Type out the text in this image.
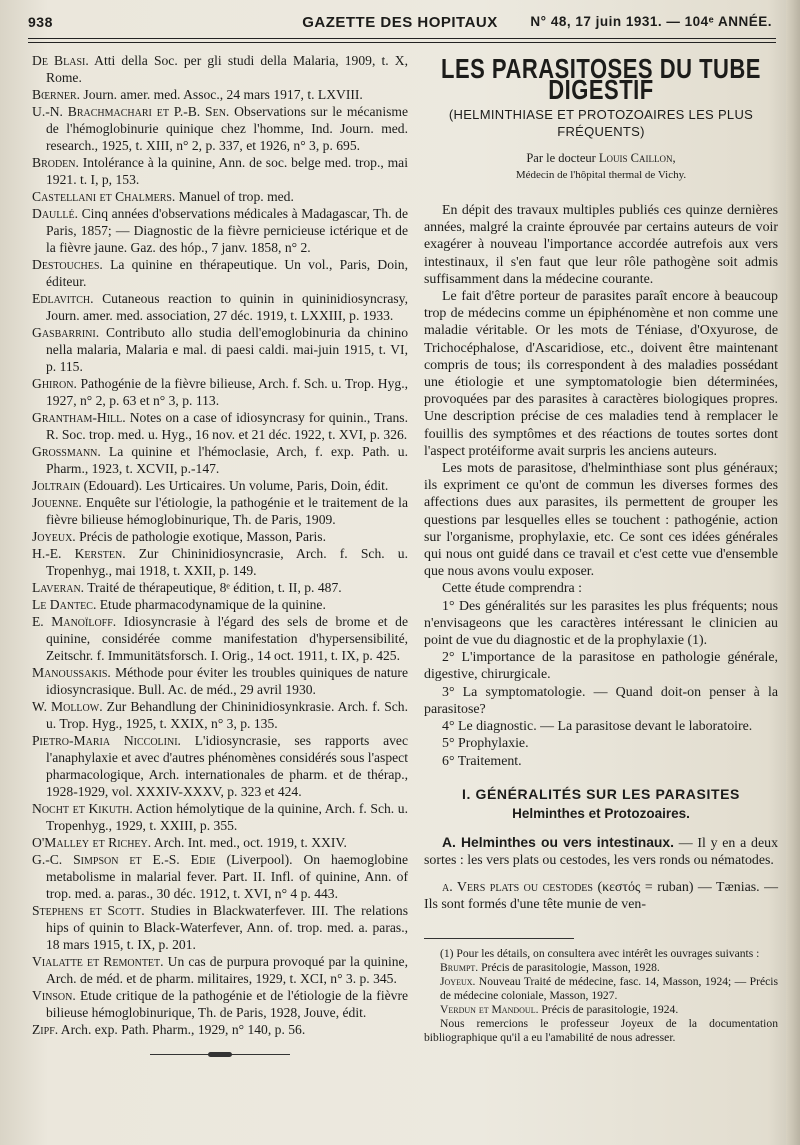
938	GAZETTE DES HOPITAUX	N° 48, 17 juin 1931. — 104ᵉ ANNÉE.

De Blasi. Atti della Soc. per gli studi della Malaria, 1909, t. X, Rome.

Bœrner. Journ. amer. med. Assoc., 24 mars 1917, t. LXVIII.

U.-N. Brachmachari et P.-B. Sen. Observations sur le mécanisme de l'hémoglobinurie quinique chez l'homme, Ind. Journ. med. research., 1925, t. XIII, n° 2, p. 337, et 1926, n° 3, p. 695.

Broden. Intolérance à la quinine, Ann. de soc. belge med. trop., mai 1921. t. I, p, 153.

Castellani et Chalmers. Manuel of trop. med.

Daullé. Cinq années d'observations médicales à Madagascar, Th. de Paris, 1857; — Diagnostic de la fièvre pernicieuse ictérique et de la fièvre jaune. Gaz. des hóp., 7 janv. 1858, n° 2.

Destouches. La quinine en thérapeutique. Un vol., Paris, Doin, éditeur.

Edlavitch. Cutaneous reaction to quinin in quininidiosyncrasy, Journ. amer. med. association, 27 déc. 1919, t. LXXIII, p. 1933.

Gasbarrini. Contributo allo studia dell'emoglobinuria da chinino nella malaria, Malaria e mal. di paesi caldi. mai-juin 1915, t. VI, p. 115.

Ghiron. Pathogénie de la fièvre bilieuse, Arch. f. Sch. u. Trop. Hyg., 1927, n° 2, p. 63 et n° 3, p. 113.

Grantham-Hill. Notes on a case of idiosyncrasy for quinin., Trans. R. Soc. trop. med. u. Hyg., 16 nov. et 21 déc. 1922, t. XVI, p. 326.

Grossmann. La quinine et l'hémoclasie, Arch, f. exp. Path. u. Pharm., 1923, t. XCVII, p.-147.

Joltrain (Edouard). Les Urticaires. Un volume, Paris, Doin, édit.

Jouenne. Enquête sur l'étiologie, la pathogénie et le traitement de la fièvre bilieuse hémoglobinurique, Th. de Paris, 1909.

Joyeux. Précis de pathologie exotique, Masson, Paris.

H.-E. Kersten. Zur Chininidiosyncrasie, Arch. f. Sch. u. Tropenhyg., mai 1918, t. XXII, p. 149.

Laveran. Traité de thérapeutique, 8ᵉ édition, t. II, p. 487.

Le Dantec. Etude pharmacodynamique de la quinine.

E. Manoïloff. Idiosyncrasie à l'égard des sels de brome et de quinine, considérée comme manifestation d'hypersensibilité, Zeitschr. f. Immunitätsforsch. I. Orig., 14 oct. 1911, t. IX, p. 425.

Manoussakis. Méthode pour éviter les troubles quiniques de nature idiosyncrasique. Bull. Ac. de méd., 29 avril 1930.

W. Mollow. Zur Behandlung der Chininidiosynkrasie. Arch. f. Sch. u. Trop. Hyg., 1925, t. XXIX, n° 3, p. 135.

Pietro-Maria Niccolini. L'idiosyncrasie, ses rapports avec l'anaphylaxie et avec d'autres phénomènes considérés sous l'aspect pharmacologique, Arch. internationales de pharm. et de thérap., 1928-1929, vol. XXXIV-XXXV, p. 323 et 424.

Nocht et Kikuth. Action hémolytique de la quinine, Arch. f. Sch. u. Tropenhyg., 1929, t. XXIII, p. 355.

O'Malley et Richey. Arch. Int. med., oct. 1919, t. XXIV.

G.-C. Simpson et E.-S. Edie (Liverpool). On haemoglobine metabolisme in malarial fever. Part. II. Infl. of quinine, Ann. of trop. med. a. paras., 30 déc. 1912, t. XVI, n° 4 p. 443.

Stephens et Scott. Studies in Blackwaterfever. III. The relations hips of quinin to Black-Waterfever, Ann. of. trop. med. a. paras., 18 mars 1915, t. IX, p. 201.

Vialatte et Remontet. Un cas de purpura provoqué par la quinine, Arch. de méd. et de pharm. militaires, 1929, t. XCI, n° 3. p. 345.

Vinson. Etude critique de la pathogénie et de l'étiologie de la fièvre bilieuse hémoglobinurique, Th. de Paris, 1928, Jouve, édit.

Zipf. Arch. exp. Path. Pharm., 1929, n° 140, p. 56.

LES PARASITOSES DU TUBE DIGESTIF
(HELMINTHIASE ET PROTOZOAIRES LES PLUS FRÉQUENTS)

Par le docteur Louis Caillon,

Médecin de l'hôpital thermal de Vichy.

En dépit des travaux multiples publiés ces quinze dernières années, malgré la crainte éprouvée par certains auteurs de voir exagérer à nouveau l'importance accordée autrefois aux vers intestinaux, il s'en faut que leur rôle pathogène soit admis suffisamment dans la médecine courante.

Le fait d'être porteur de parasites paraît encore à beaucoup trop de médecins comme un épiphénomène et non comme une maladie véritable. Or les mots de Téniase, d'Oxyurose, de Trichocéphalose, d'Ascaridiose, etc., doivent être maintenant compris de tous; ils correspondent à des maladies possédant une étiologie et une symptomatologie bien déterminées, provoquées par des parasites à caractères biologiques propres. Une description précise de ces maladies tend à remplacer le fouillis des symptômes et des réactions de toutes sortes dont l'aspect protéiforme avait surpris les anciens auteurs.

Les mots de parasitose, d'helminthiase sont plus généraux; ils expriment ce qu'ont de commun les diverses formes des affections dues aux parasites, ils permettent de grouper les questions par lesquelles elles se touchent : pathogénie, action sur l'organisme, prophylaxie, etc. Ce sont ces idées générales qui nous ont guidé dans ce travail et c'est cette vue d'ensemble que nous avons voulu exposer.

Cette étude comprendra :

1° Des généralités sur les parasites les plus fréquents; nous n'envisageons que les caractères intéressant le clinicien au point de vue du diagnostic et de la prophylaxie (1).

2° L'importance de la parasitose en pathologie générale, digestive, chirurgicale.

3° La symptomatologie. — Quand doit-on penser à la parasitose?

4° Le diagnostic. — La parasitose devant le laboratoire.

5° Prophylaxie.

6° Traitement.

I. GÉNÉRALITÉS SUR LES PARASITES
Helminthes et Protozoaires.

A. Helminthes ou vers intestinaux. — Il y en a deux sortes : les vers plats ou cestodes, les vers ronds ou nématodes.

a. Vers plats ou cestodes (κεστός = ruban) — Tænias. — Ils sont formés d'une tête munie de ven-

(1) Pour les détails, on consultera avec intérêt les ouvrages suivants :

Brumpt. Précis de parasitologie, Masson, 1928.

Joyeux. Nouveau Traité de médecine, fasc. 14, Masson, 1924; — Précis de médecine coloniale, Masson, 1927.

Verdun et Mandoul. Précis de parasitologie, 1924.

Nous remercions le professeur Joyeux de la documentation bibliographique qu'il a eu l'amabilité de nous adresser.
